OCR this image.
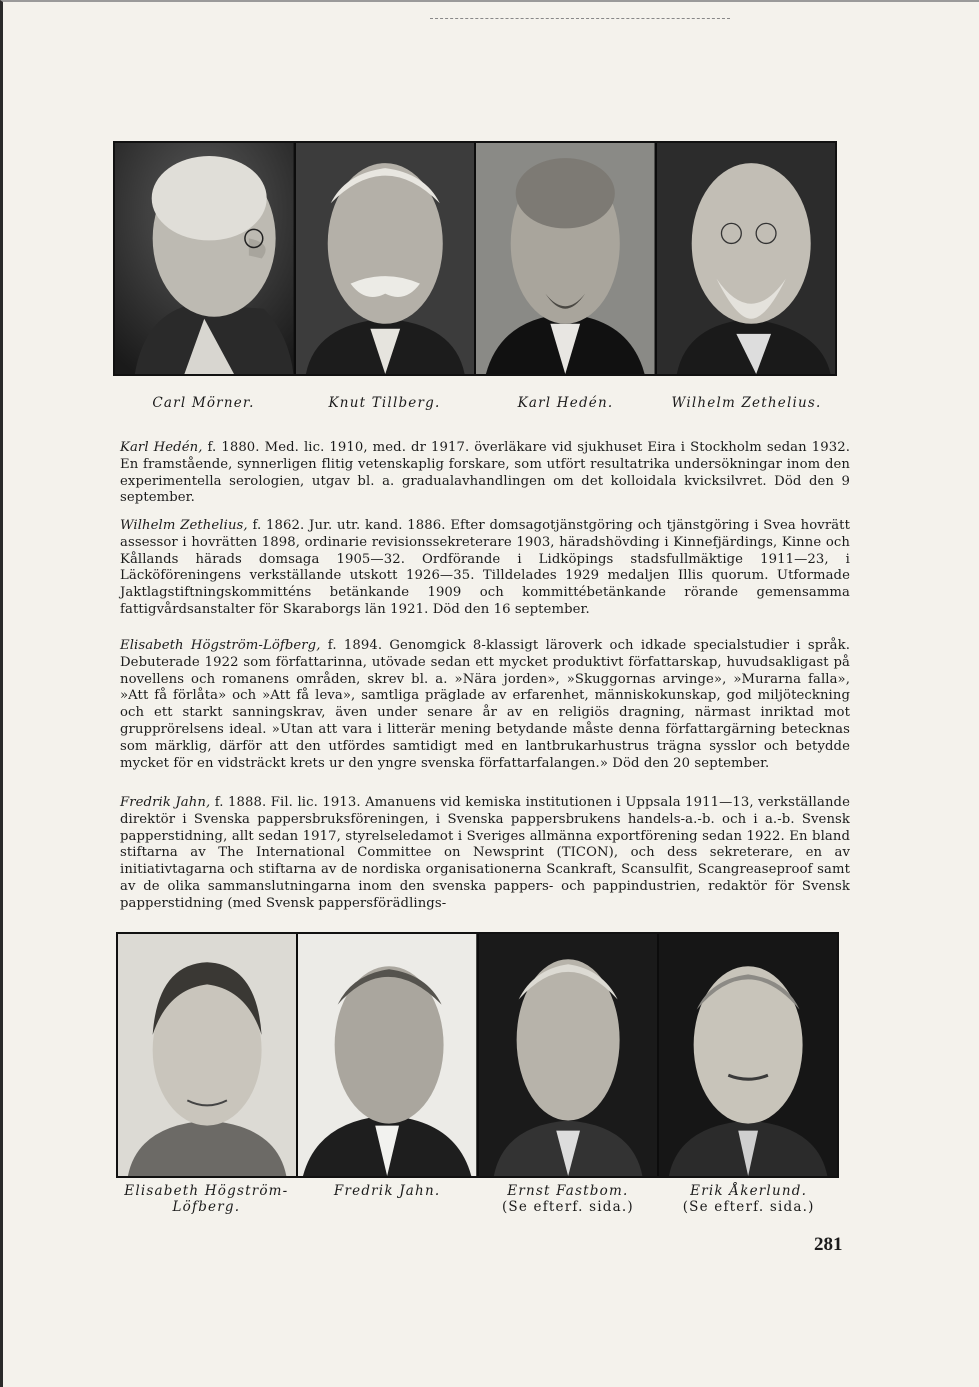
Carl Mörner.	Knut Tillberg.	Karl Hedén.	Wilhelm Zethelius.

Karl Hedén, f. 1880. Med. lic. 1910, med. dr 1917. överläkare vid sjukhuset Eira i Stockholm sedan 1932. En framstående, synnerligen flitig vetenskaplig forskare, som utfört resultatrika undersökningar inom den experimentella serologien, utgav bl. a. gradualavhandlingen om det kolloidala kvicksilvret. Död den 9 september.

Wilhelm Zethelius, f. 1862. Jur. utr. kand. 1886. Efter domsagotjänstgöring och tjänstgöring i Svea hovrätt assessor i hovrätten 1898, ordinarie revisionssekreterare 1903, häradshövding i Kinnefjärdings, Kinne och Kållands härads domsaga 1905—32. Ordförande i Lidköpings stadsfullmäktige 1911—23, i Läcköföreningens verkställande utskott 1926—35. Tilldelades 1929 medaljen Illis quorum. Utformade Jaktlagstiftningskommitténs betänkande 1909 och kommittébetänkande rörande gemensamma fattigvårdsanstalter för Skaraborgs län 1921. Död den 16 september.

Elisabeth Högström-Löfberg, f. 1894. Genomgick 8-klassigt läroverk och idkade specialstudier i språk. Debuterade 1922 som författarinna, utövade sedan ett mycket produktivt författarskap, huvudsakligast på novellens och romanens områden, skrev bl. a. »Nära jorden», »Skuggornas arvinge», »Murarna falla», »Att få förlåta» och »Att få leva», samtliga präglade av erfarenhet, människokunskap, god miljöteckning och ett starkt sanningskrav, även under senare år av en religiös dragning, närmast inriktad mot grupprörelsens ideal. »Utan att vara i litterär mening betydande måste denna författargärning betecknas som märklig, därför att den utfördes samtidigt med en lantbrukarhustrus trägna sysslor och betydde mycket för en vidsträckt krets ur den yngre svenska författarfalangen.» Död den 20 september.

Fredrik Jahn, f. 1888. Fil. lic. 1913. Amanuens vid kemiska institutionen i Uppsala 1911—13, verkställande direktör i Svenska pappersbruksföreningen, i Svenska pappersbrukens handels-a.-b. och i a.-b. Svensk papperstidning, allt sedan 1917, styrelseledamot i Sveriges allmänna exportförening sedan 1922. En bland stiftarna av The International Committee on Newsprint (TICON), och dess sekreterare, en av initiativtagarna och stiftarna av de nordiska organisationerna Scankraft, Scansulfit, Scangreaseproof samt av de olika sammanslutningarna inom den svenska pappers- och pappindustrien, redaktör för Svensk papperstidning (med Svensk pappersförädlings-

Elisabeth Högström-
Löfberg.
Fredrik Jahn.	Ernst Fastbom.
(Se efterf. sida.)
Erik Åkerlund.
(Se efterf. sida.)
281
